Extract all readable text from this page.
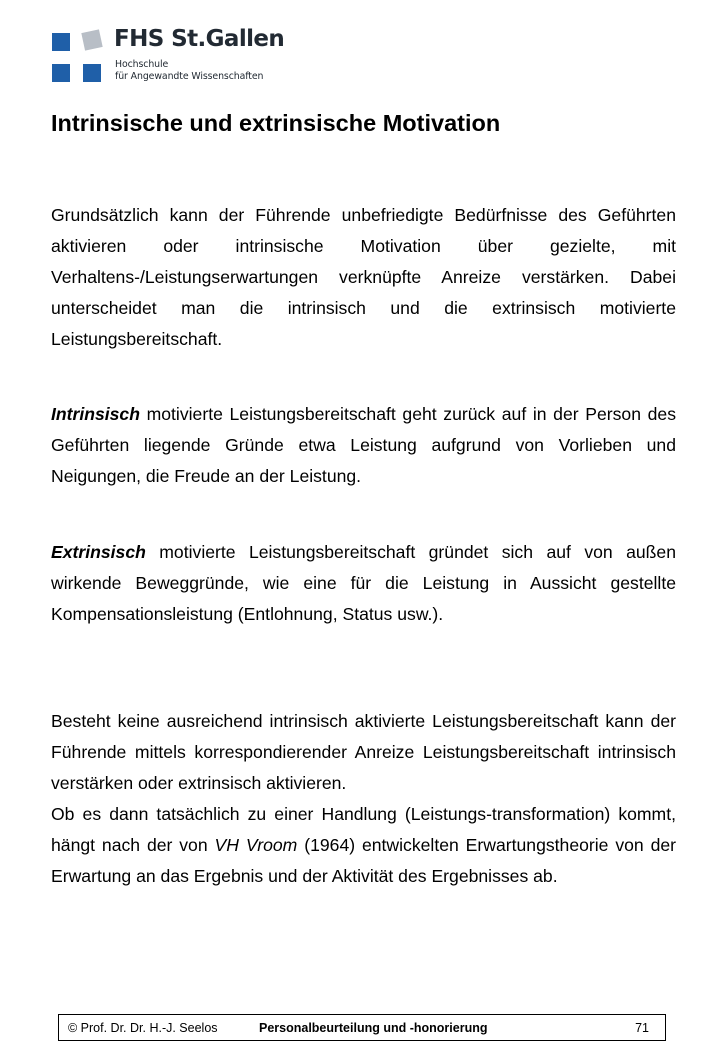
FHS St.Gallen
Hochschule
für Angewandte Wissenschaften
Intrinsische und extrinsische Motivation

Grundsätzlich kann der Führende unbefriedigte Bedürfnisse des Geführten aktivieren oder intrinsische Motivation über gezielte, mit Verhaltens-/Leistungserwartungen verknüpfte Anreize verstärken. Dabei unterscheidet man die intrinsisch und die extrinsisch motivierte Leistungsbereitschaft.

Intrinsisch motivierte Leistungsbereitschaft geht zurück auf in der Person des Geführten liegende Gründe etwa Leistung aufgrund von Vorlieben und Neigungen, die Freude an der Leistung.

Extrinsisch motivierte Leistungsbereitschaft gründet sich auf von außen wirkende Beweggründe, wie eine für die Leistung in Aussicht gestellte Kompensationsleistung (Entlohnung, Status usw.).

Besteht keine ausreichend intrinsisch aktivierte Leistungsbereitschaft kann der Führende mittels korrespondierender Anreize Leistungsbereitschaft intrinsisch verstärken oder extrinsisch aktivieren.

Ob es dann tatsächlich zu einer Handlung (Leistungs-transformation) kommt, hängt nach der von VH Vroom (1964) entwickelten Erwartungstheorie von der Erwartung an das Ergebnis und der Aktivität des Ergebnisses ab.

© Prof. Dr. Dr. H.-J. Seelos	Personalbeurteilung und -honorierung	71
